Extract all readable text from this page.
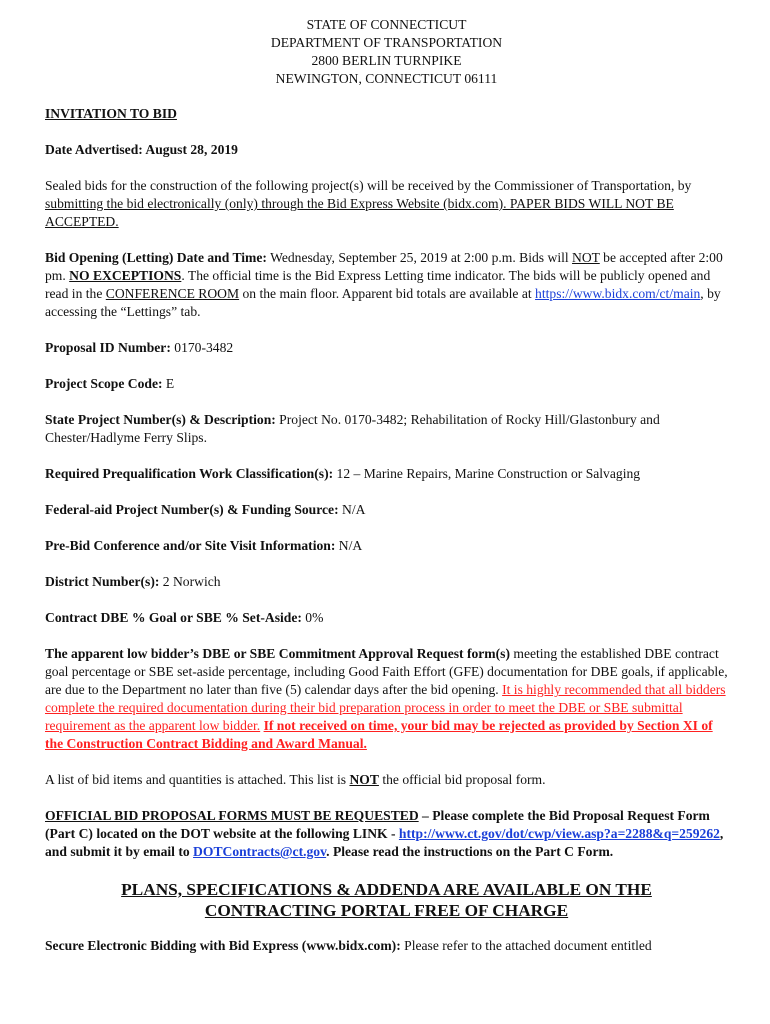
STATE OF CONNECTICUT
DEPARTMENT OF TRANSPORTATION
2800 BERLIN TURNPIKE
NEWINGTON, CONNECTICUT 06111

INVITATION TO BID

Date Advertised: August 28, 2019

Sealed bids for the construction of the following project(s) will be received by the Commissioner of Transportation, by submitting the bid electronically (only) through the Bid Express Website (bidx.com). PAPER BIDS WILL NOT BE ACCEPTED.

Bid Opening (Letting) Date and Time: Wednesday, September 25, 2019 at 2:00 p.m. Bids will NOT be accepted after 2:00 pm. NO EXCEPTIONS. The official time is the Bid Express Letting time indicator. The bids will be publicly opened and read in the CONFERENCE ROOM on the main floor. Apparent bid totals are available at https://www.bidx.com/ct/main, by accessing the “Lettings” tab.

Proposal ID Number: 0170-3482

Project Scope Code: E

State Project Number(s) & Description: Project No. 0170-3482; Rehabilitation of Rocky Hill/Glastonbury and Chester/Hadlyme Ferry Slips.

Required Prequalification Work Classification(s): 12 – Marine Repairs, Marine Construction or Salvaging

Federal-aid Project Number(s) & Funding Source: N/A

Pre-Bid Conference and/or Site Visit Information: N/A

District Number(s): 2 Norwich

Contract DBE % Goal or SBE % Set-Aside: 0%

The apparent low bidder’s DBE or SBE Commitment Approval Request form(s) meeting the established DBE contract goal percentage or SBE set-aside percentage, including Good Faith Effort (GFE) documentation for DBE goals, if applicable, are due to the Department no later than five (5) calendar days after the bid opening. It is highly recommended that all bidders complete the required documentation during their bid preparation process in order to meet the DBE or SBE submittal requirement as the apparent low bidder. If not received on time, your bid may be rejected as provided by Section XI of the Construction Contract Bidding and Award Manual.

A list of bid items and quantities is attached. This list is NOT the official bid proposal form.

OFFICIAL BID PROPOSAL FORMS MUST BE REQUESTED – Please complete the Bid Proposal Request Form (Part C) located on the DOT website at the following LINK - http://www.ct.gov/dot/cwp/view.asp?a=2288&q=259262, and submit it by email to DOTContracts@ct.gov. Please read the instructions on the Part C Form.

PLANS, SPECIFICATIONS & ADDENDA ARE AVAILABLE ON THE
CONTRACTING PORTAL FREE OF CHARGE

Secure Electronic Bidding with Bid Express (www.bidx.com): Please refer to the attached document entitled
